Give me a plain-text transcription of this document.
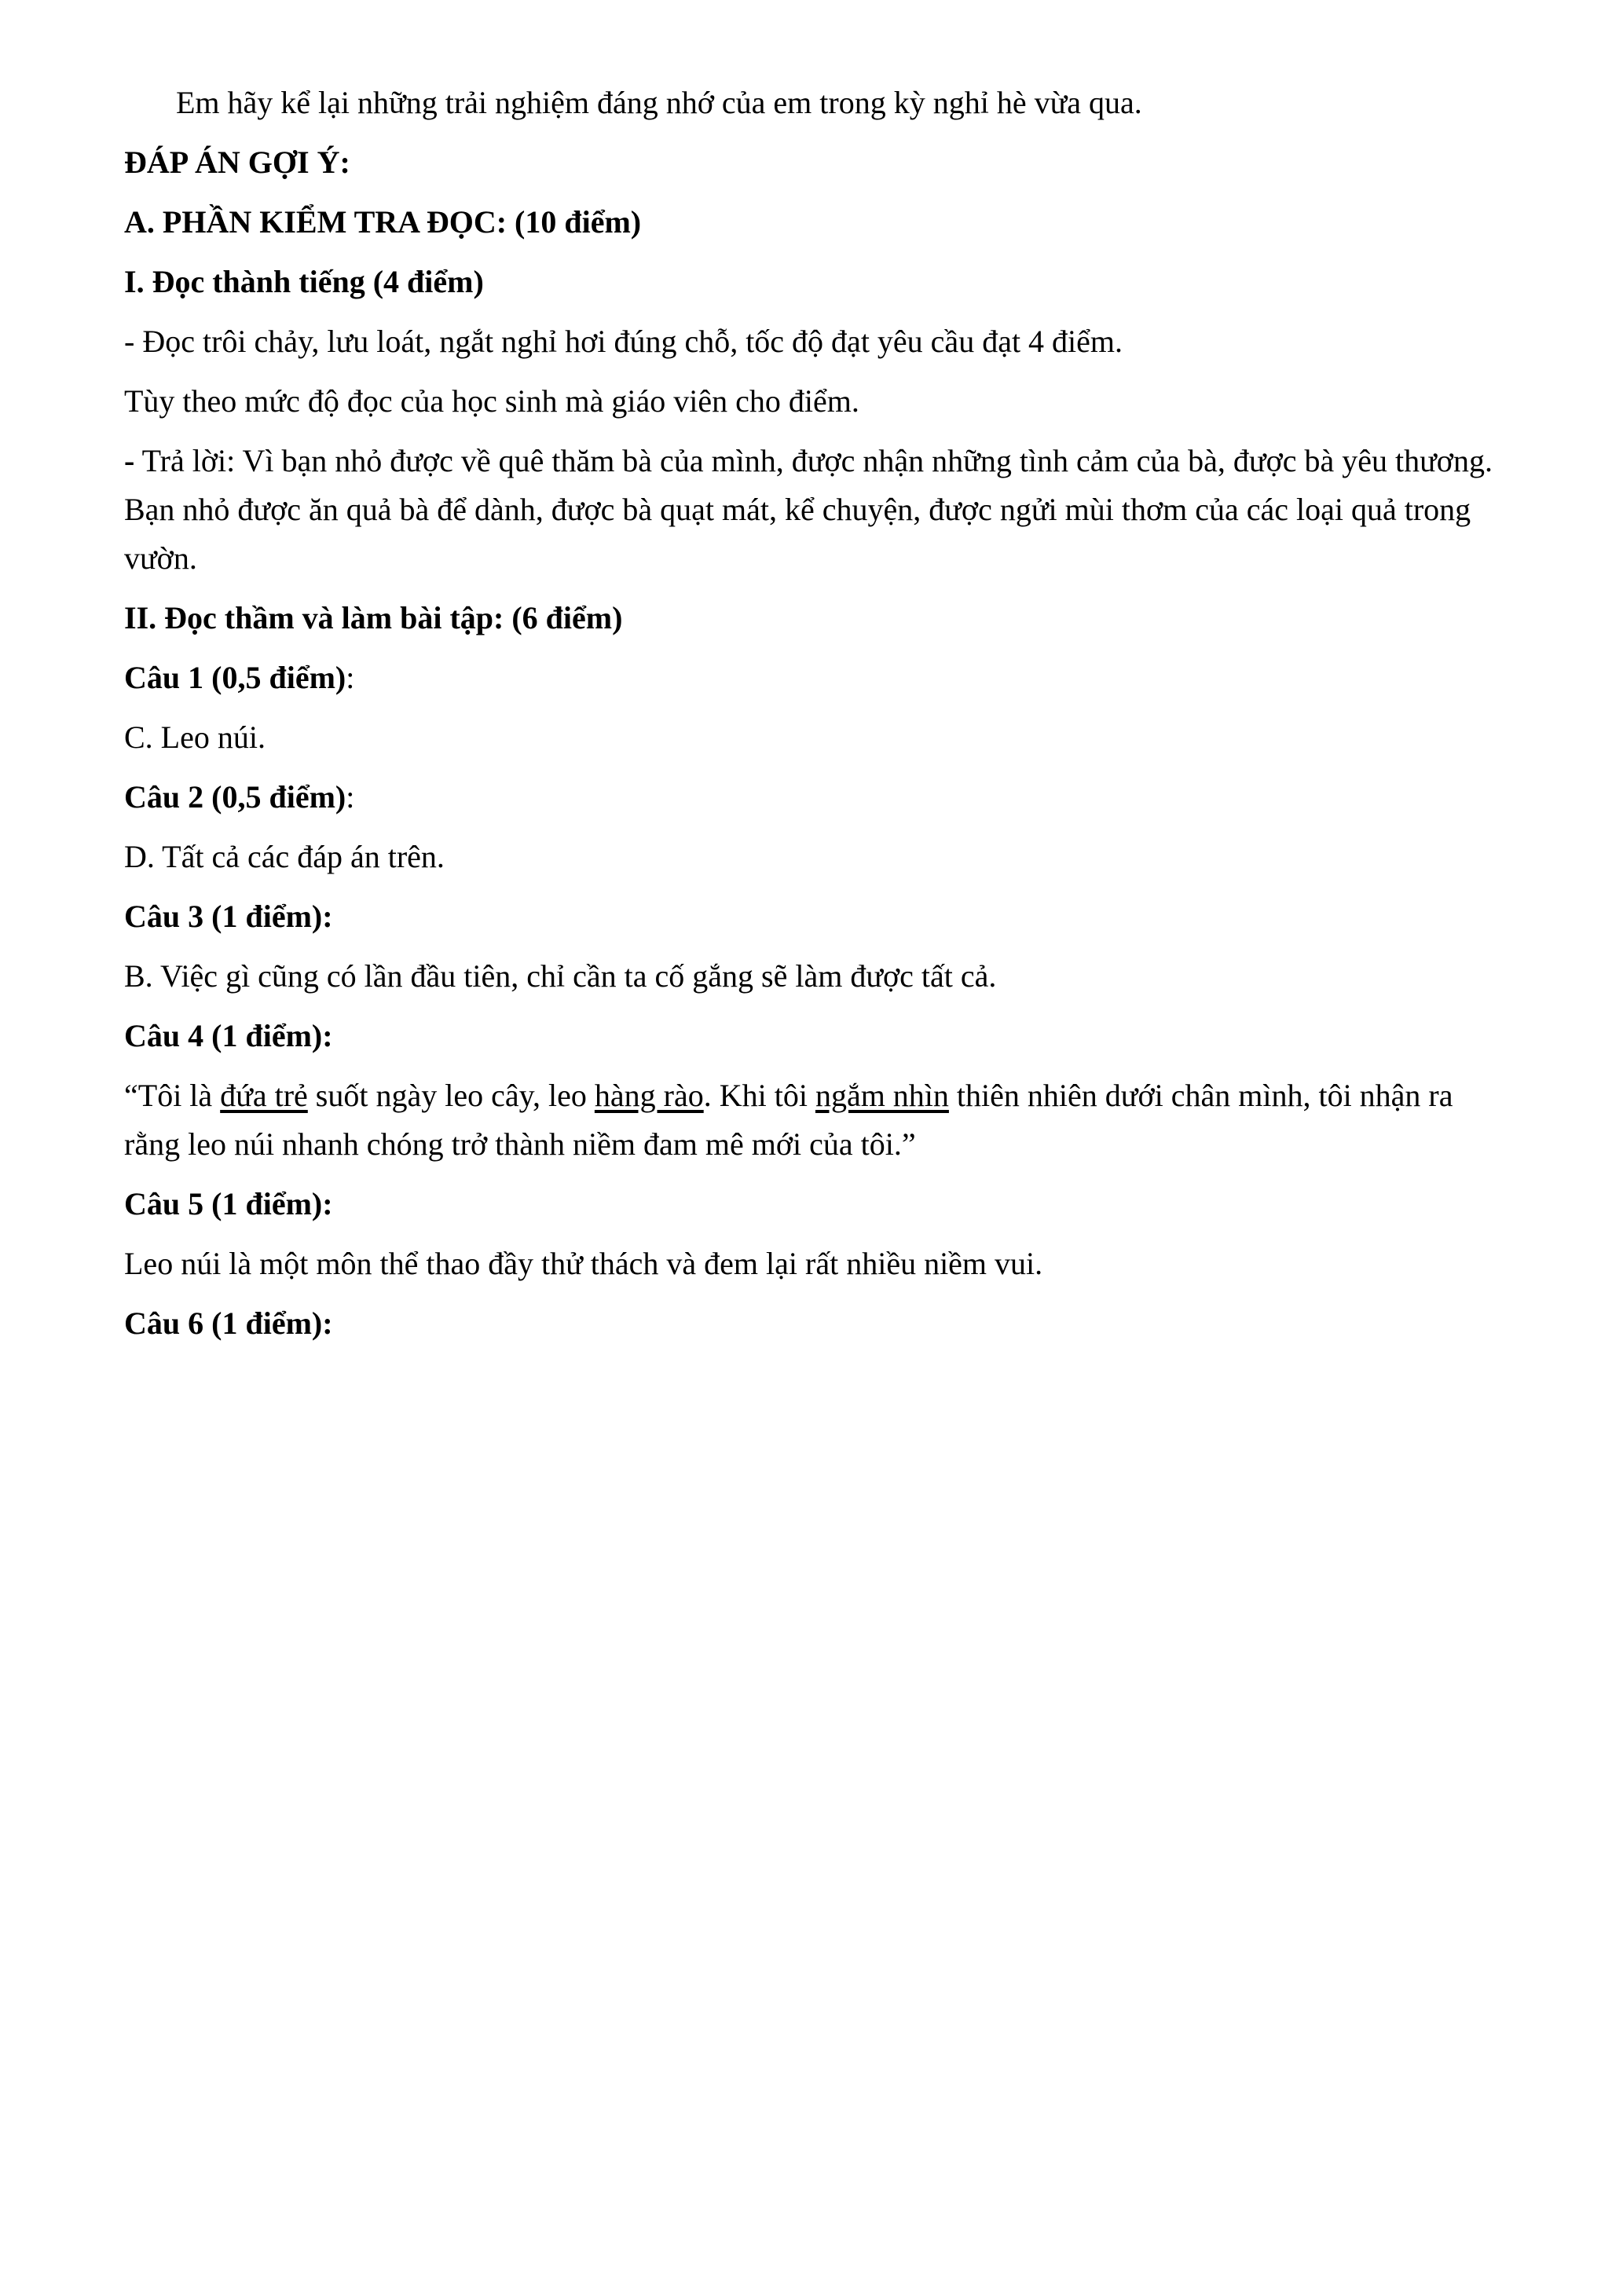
Em hãy kể lại những trải nghiệm đáng nhớ của em trong kỳ nghỉ hè vừa qua.

ĐÁP ÁN GỢI Ý:

A. PHẦN KIỂM TRA ĐỌC: (10 điểm)

I. Đọc thành tiếng (4 điểm)

- Đọc trôi chảy, lưu loát, ngắt nghỉ hơi đúng chỗ, tốc độ đạt yêu cầu đạt 4 điểm.

Tùy theo mức độ đọc của học sinh mà giáo viên cho điểm.

- Trả lời: Vì bạn nhỏ được về quê thăm bà của mình, được nhận những tình cảm của bà, được bà yêu thương. Bạn nhỏ được ăn quả bà để dành, được bà quạt mát, kể chuyện, được ngửi mùi thơm của các loại quả trong vườn.

II. Đọc thầm và làm bài tập: (6 điểm)

Câu 1 (0,5 điểm):

C. Leo núi.

Câu 2 (0,5 điểm):

D. Tất cả các đáp án trên.

Câu 3 (1 điểm):

B. Việc gì cũng có lần đầu tiên, chỉ cần ta cố gắng sẽ làm được tất cả.

Câu 4 (1 điểm):

“Tôi là đứa trẻ suốt ngày leo cây, leo hàng rào. Khi tôi ngắm nhìn thiên nhiên dưới chân mình, tôi nhận ra rằng leo núi nhanh chóng trở thành niềm đam mê mới của tôi.”

Câu 5 (1 điểm):

Leo núi là một môn thể thao đầy thử thách và đem lại rất nhiều niềm vui.

Câu 6 (1 điểm):
